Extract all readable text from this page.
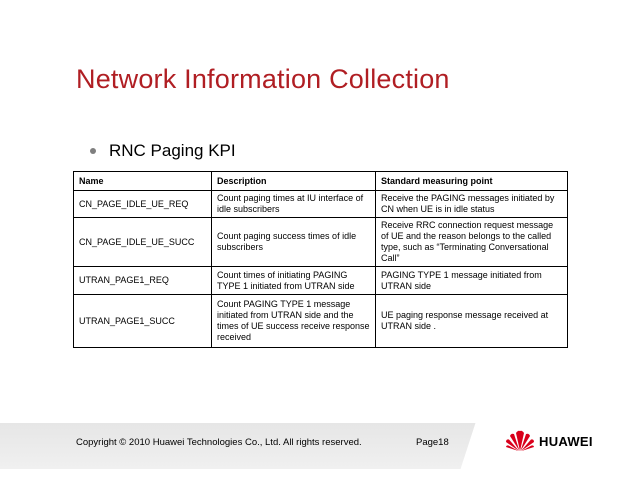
Network Information Collection
RNC Paging KPI
Name	Description	Standard measuring point
CN_PAGE_IDLE_UE_REQ	Count paging times at IU interface of idle subscribers	Receive the PAGING messages initiated by CN when UE is in idle status
CN_PAGE_IDLE_UE_SUCC	Count paging success times of idle subscribers	Receive RRC connection request message of UE and the reason belongs to the called type, such as “Terminating Conversational Call”
UTRAN_PAGE1_REQ	Count times of initiating PAGING TYPE 1 initiated from UTRAN side	PAGING TYPE 1 message initiated from UTRAN side
UTRAN_PAGE1_SUCC	Count PAGING TYPE 1 message initiated from UTRAN side and the times of UE success receive response received	UE paging response message received at UTRAN side .
Copyright © 2010 Huawei Technologies Co., Ltd. All rights reserved.	Page18	HUAWEI
